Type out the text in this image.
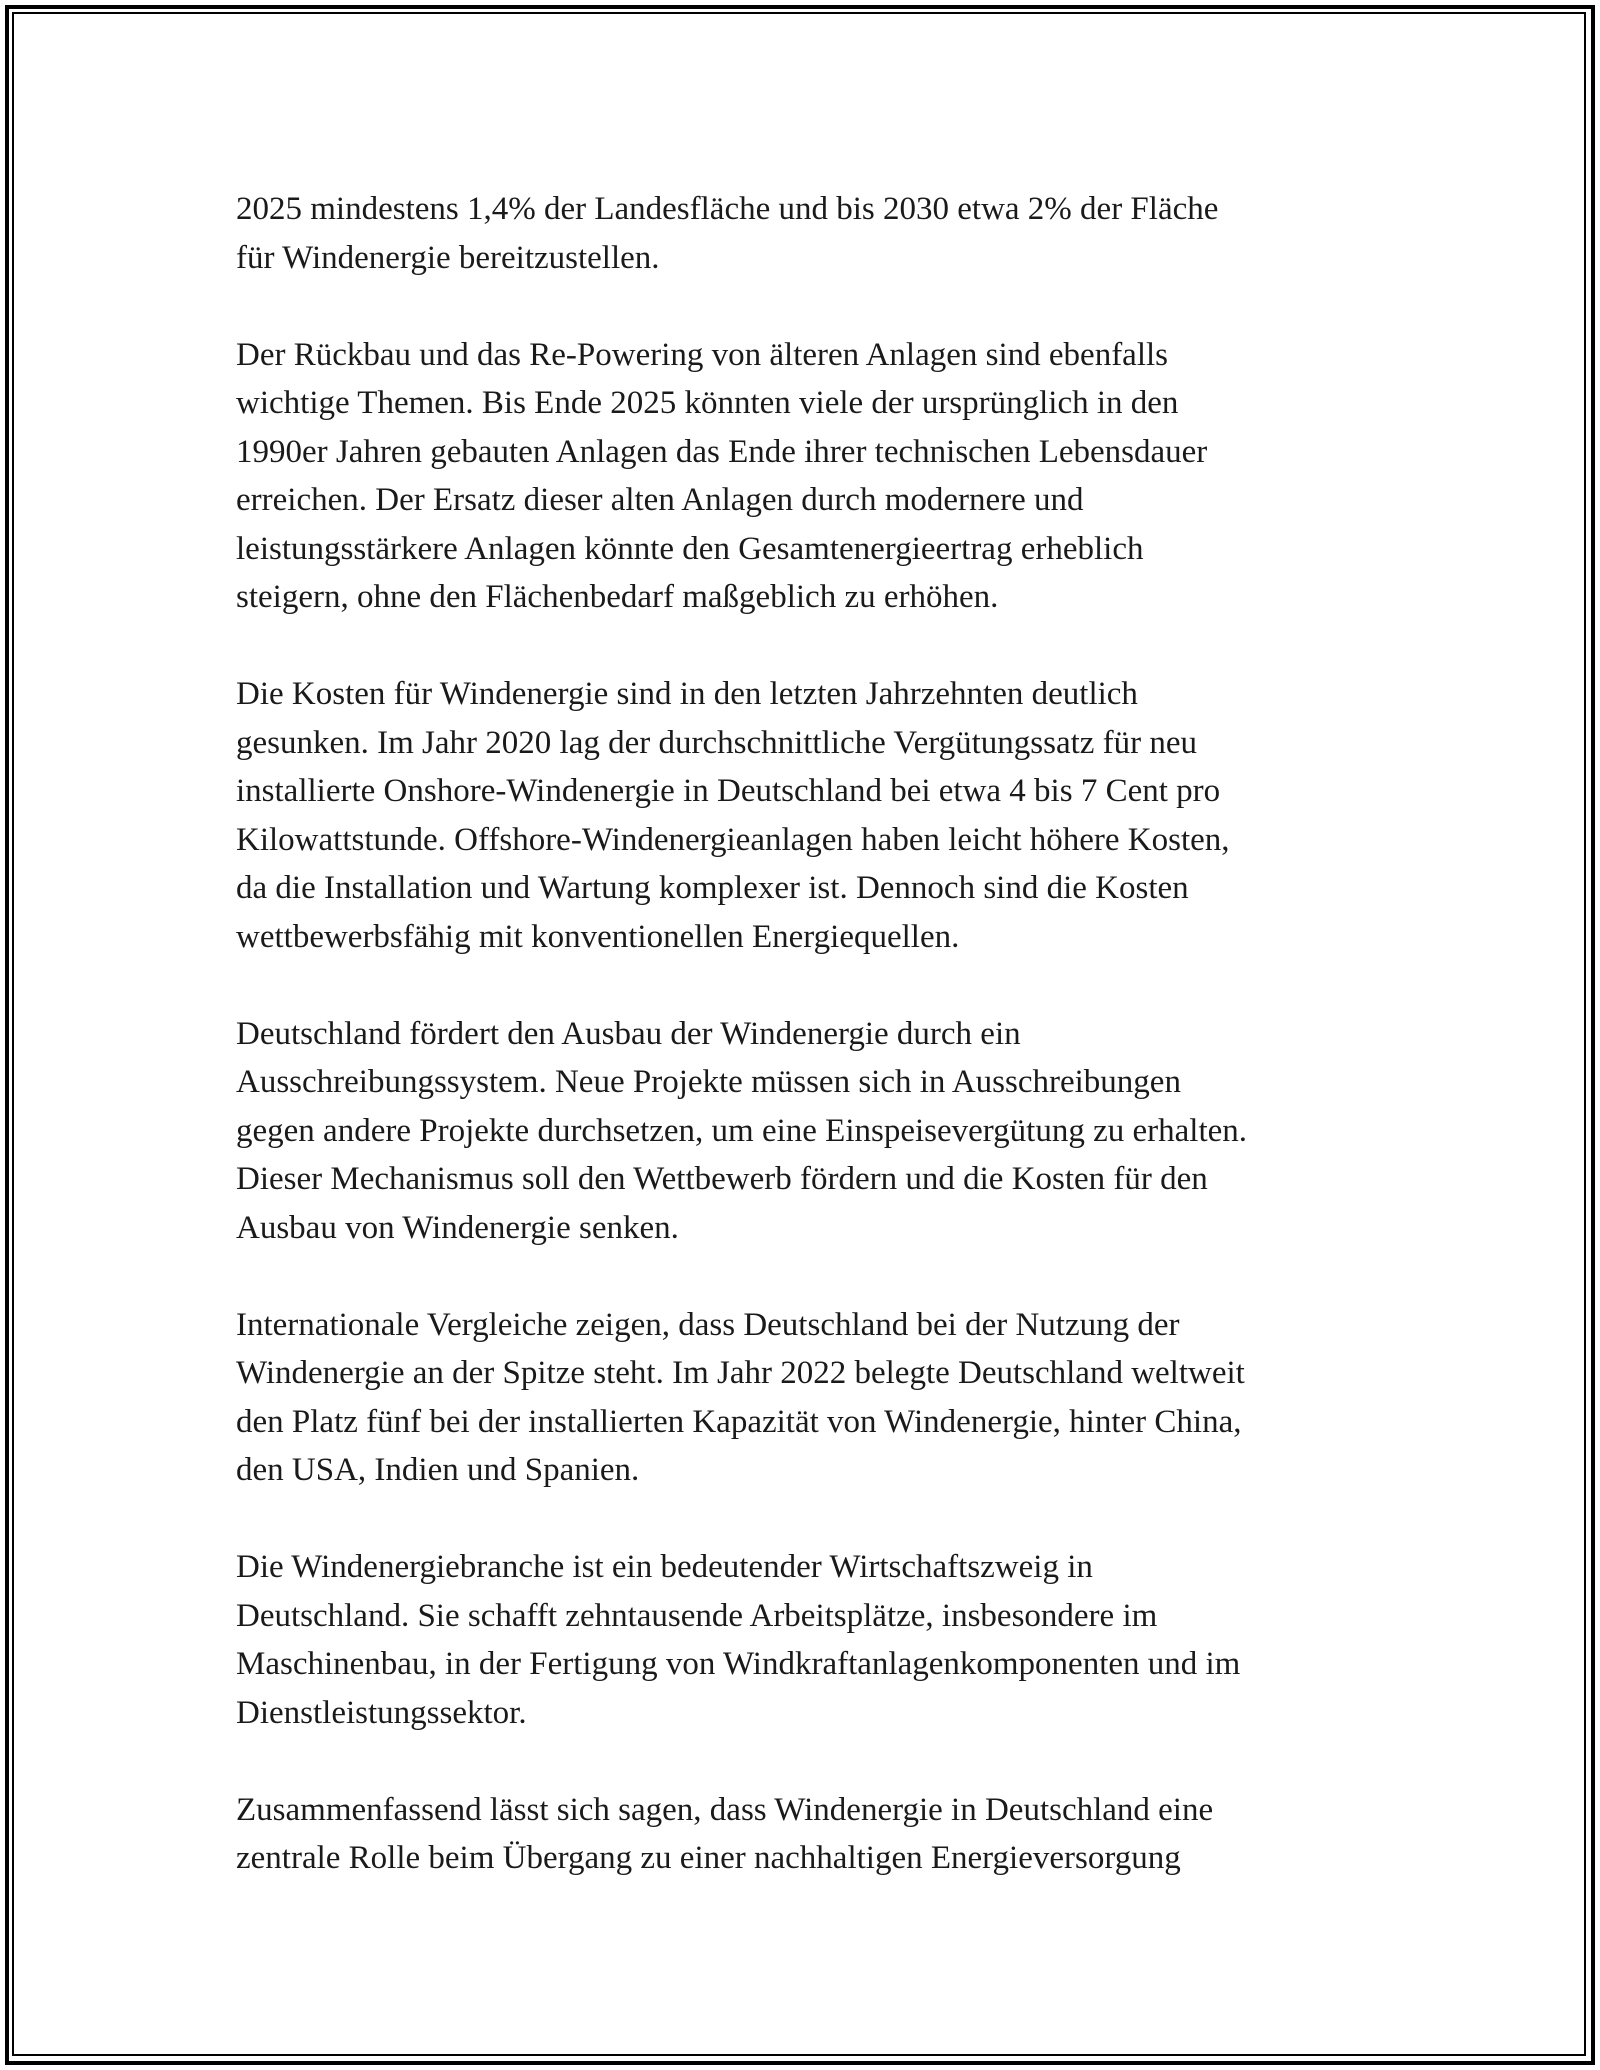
2025 mindestens 1,4% der Landesfläche und bis 2030 etwa 2% der Fläche
für Windenergie bereitzustellen.
Der Rückbau und das Re-Powering von älteren Anlagen sind ebenfalls
wichtige Themen. Bis Ende 2025 könnten viele der ursprünglich in den
1990er Jahren gebauten Anlagen das Ende ihrer technischen Lebensdauer
erreichen. Der Ersatz dieser alten Anlagen durch modernere und
leistungsstärkere Anlagen könnte den Gesamtenergieertrag erheblich
steigern, ohne den Flächenbedarf maßgeblich zu erhöhen.
Die Kosten für Windenergie sind in den letzten Jahrzehnten deutlich
gesunken. Im Jahr 2020 lag der durchschnittliche Vergütungssatz für neu
installierte Onshore-Windenergie in Deutschland bei etwa 4 bis 7 Cent pro
Kilowattstunde. Offshore-Windenergieanlagen haben leicht höhere Kosten,
da die Installation und Wartung komplexer ist. Dennoch sind die Kosten
wettbewerbsfähig mit konventionellen Energiequellen.
Deutschland fördert den Ausbau der Windenergie durch ein
Ausschreibungssystem. Neue Projekte müssen sich in Ausschreibungen
gegen andere Projekte durchsetzen, um eine Einspeisevergütung zu erhalten.
Dieser Mechanismus soll den Wettbewerb fördern und die Kosten für den
Ausbau von Windenergie senken.
Internationale Vergleiche zeigen, dass Deutschland bei der Nutzung der
Windenergie an der Spitze steht. Im Jahr 2022 belegte Deutschland weltweit
den Platz fünf bei der installierten Kapazität von Windenergie, hinter China,
den USA, Indien und Spanien.
Die Windenergiebranche ist ein bedeutender Wirtschaftszweig in
Deutschland. Sie schafft zehntausende Arbeitsplätze, insbesondere im
Maschinenbau, in der Fertigung von Windkraftanlagenkomponenten und im
Dienstleistungssektor.
Zusammenfassend lässt sich sagen, dass Windenergie in Deutschland eine
zentrale Rolle beim Übergang zu einer nachhaltigen Energieversorgung
